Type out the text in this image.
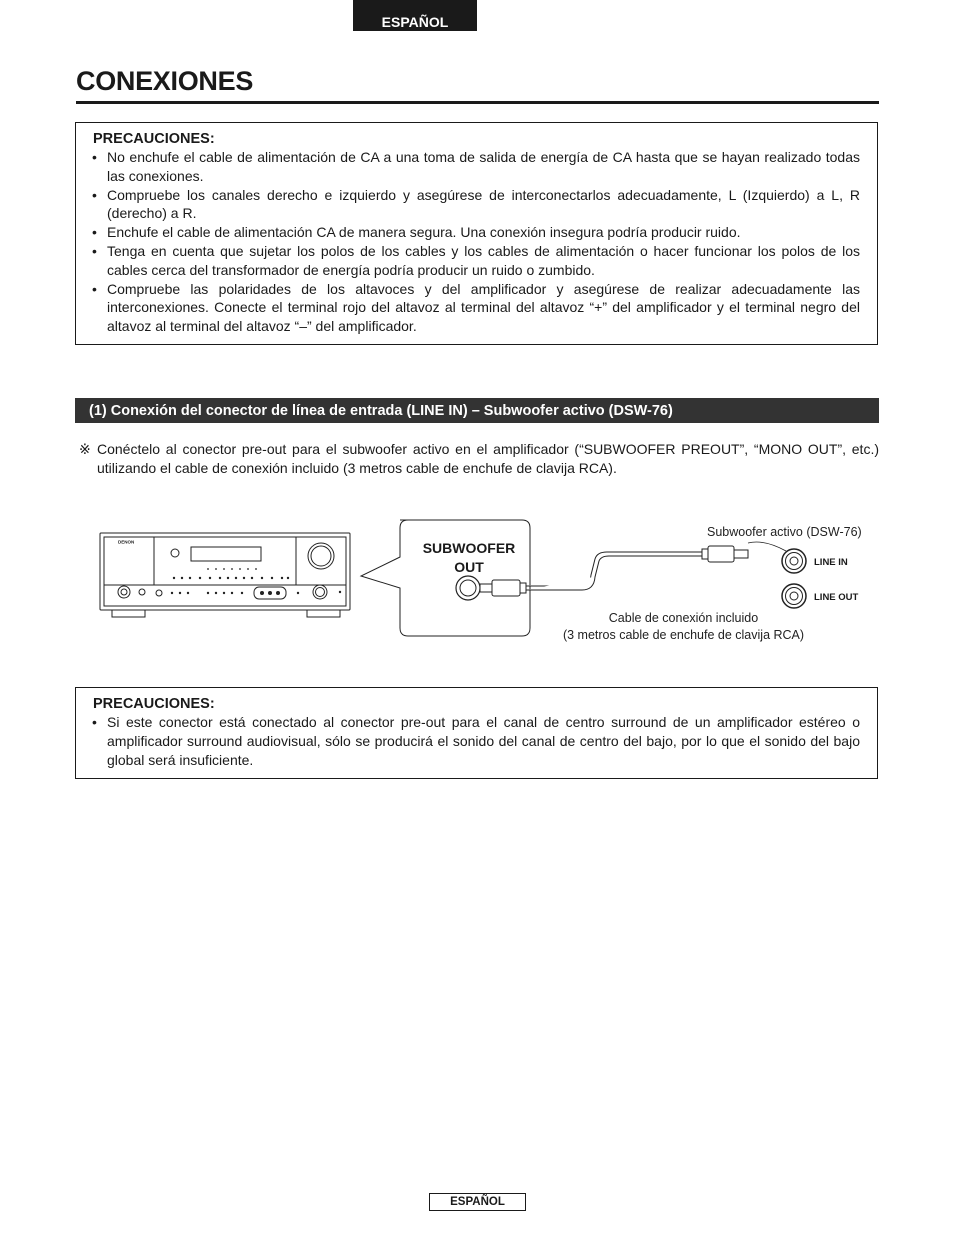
ESPAÑOL
CONEXIONES
PRECAUCIONES:
• No enchufe el cable de alimentación de CA a una toma de salida de energía de CA hasta que se hayan realizado todas las conexiones.
• Compruebe los canales derecho e izquierdo y asegúrese de interconectarlos adecuadamente, L (Izquierdo) a L, R (derecho) a R.
• Enchufe el cable de alimentación CA de manera segura. Una conexión insegura podría producir ruido.
• Tenga en cuenta que sujetar los polos de los cables y los cables de alimentación o hacer funcionar los polos de los cables cerca del transformador de energía podría producir un ruido o zumbido.
• Compruebe las polaridades de los altavoces y del amplificador y asegúrese de realizar adecuadamente las interconexiones. Conecte el terminal rojo del altavoz al terminal del altavoz “+” del amplificador y el terminal negro del altavoz al terminal del altavoz “–” del amplificador.
(1) Conexión del conector de línea de entrada (LINE IN) – Subwoofer activo (DSW-76)
※ Conéctelo al conector pre-out para el subwoofer activo en el amplificador (“SUBWOOFER PREOUT”, “MONO OUT”, etc.) utilizando el cable de conexión incluido (3 metros cable de enchufe de clavija RCA).
DENON	SUBWOOFER
OUT	LINE IN
LINE OUT
Subwoofer activo (DSW-76)
Cable de conexión incluido
(3 metros cable de enchufe de clavija RCA)
PRECAUCIONES:
• Si este conector está conectado al conector pre-out para el canal de centro surround de un amplificador estéreo o amplificador surround audiovisual, sólo se producirá el sonido del canal de centro del bajo, por lo que el sonido del bajo global será insuficiente.
ESPAÑOL
